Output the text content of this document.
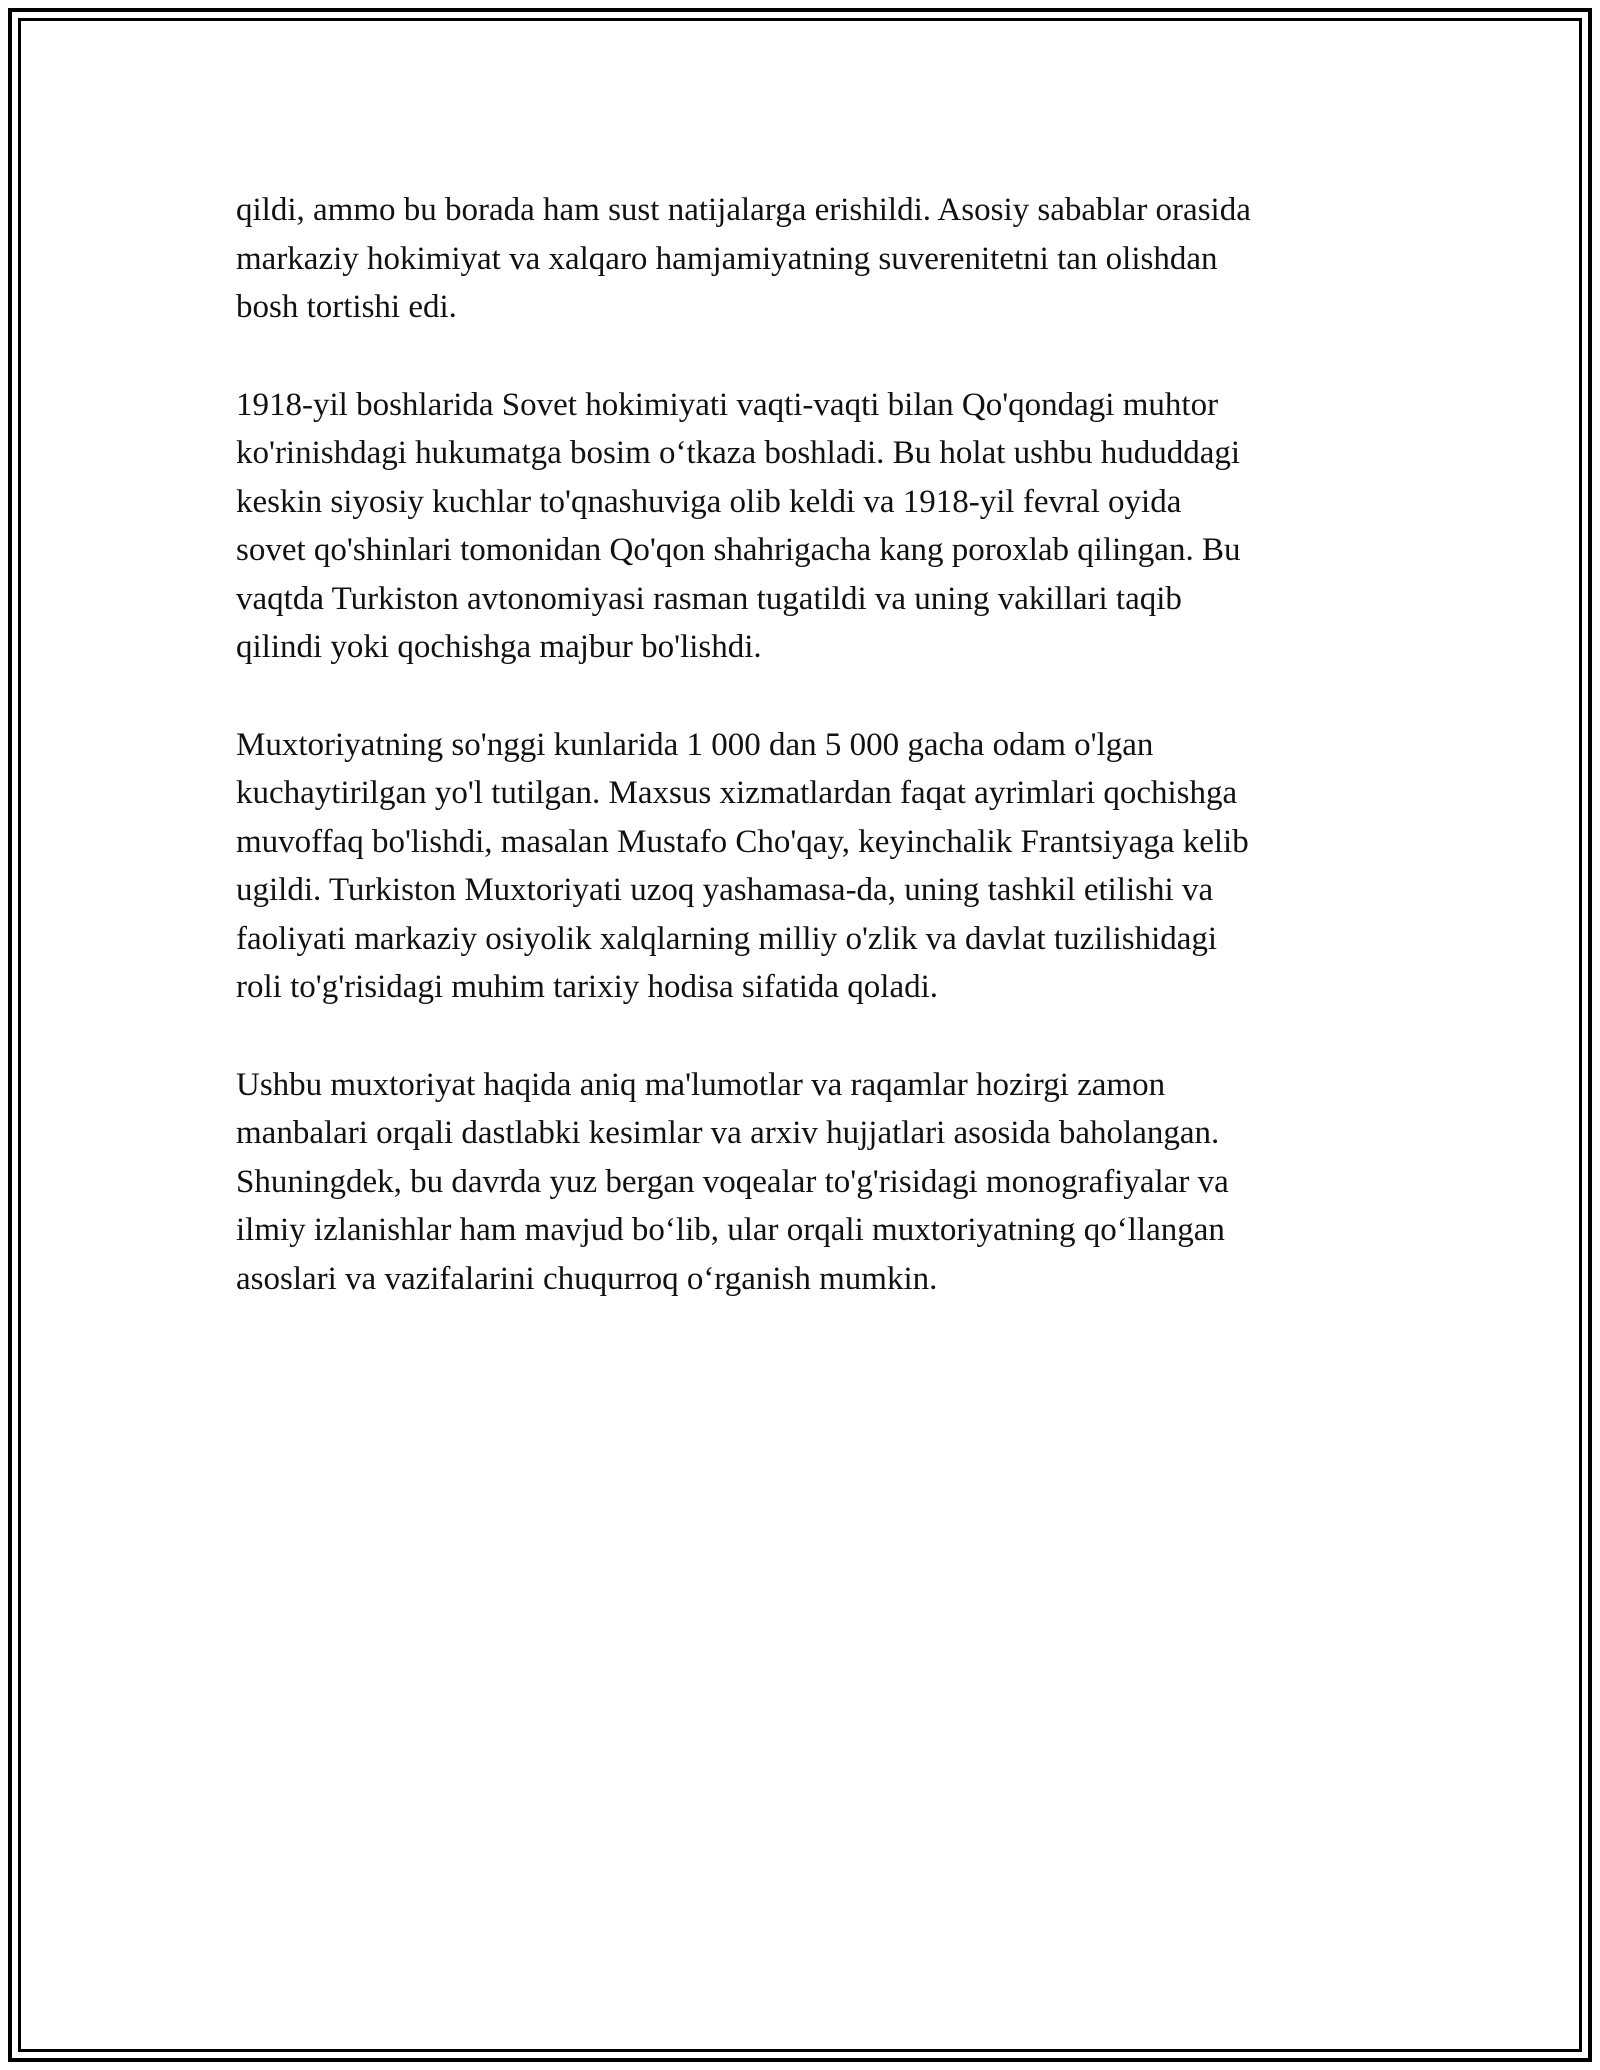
qildi, ammo bu borada ham sust natijalarga erishildi. Asosiy sabablar orasida
markaziy hokimiyat va xalqaro hamjamiyatning suverenitetni tan olishdan
bosh tortishi edi.

1918-yil boshlarida Sovet hokimiyati vaqti-vaqti bilan Qo'qondagi muhtor
ko'rinishdagi hukumatga bosim o‘tkaza boshladi. Bu holat ushbu hududdagi
keskin siyosiy kuchlar to'qnashuviga olib keldi va 1918-yil fevral oyida
sovet qo'shinlari tomonidan Qo'qon shahrigacha kang poroxlab qilingan. Bu
vaqtda Turkiston avtonomiyasi rasman tugatildi va uning vakillari taqib
qilindi yoki qochishga majbur bo'lishdi.

Muxtoriyatning so'nggi kunlarida 1 000 dan 5 000 gacha odam o'lgan
kuchaytirilgan yo'l tutilgan. Maxsus xizmatlardan faqat ayrimlari qochishga
muvoffaq bo'lishdi, masalan Mustafo Cho'qay, keyinchalik Frantsiyaga kelib
ugildi. Turkiston Muxtoriyati uzoq yashamasa-da, uning tashkil etilishi va
faoliyati markaziy osiyolik xalqlarning milliy o'zlik va davlat tuzilishidagi
roli to'g'risidagi muhim tarixiy hodisa sifatida qoladi.

Ushbu muxtoriyat haqida aniq ma'lumotlar va raqamlar hozirgi zamon
manbalari orqali dastlabki kesimlar va arxiv hujjatlari asosida baholangan.
Shuningdek, bu davrda yuz bergan voqealar to'g'risidagi monografiyalar va
ilmiy izlanishlar ham mavjud bo‘lib, ular orqali muxtoriyatning qo‘llangan
asoslari va vazifalarini chuqurroq o‘rganish mumkin.
